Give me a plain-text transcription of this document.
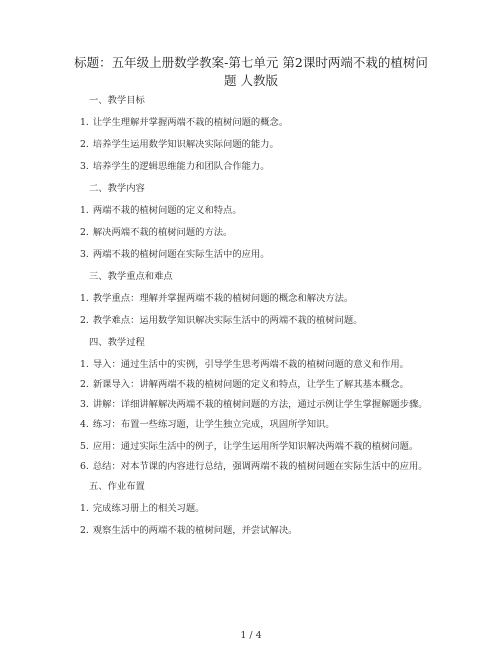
标题：五年级上册数学教案-第七单元 第2课时两端不栽的植树问题 人教版
一、教学目标
1. 让学生理解并掌握两端不栽的植树问题的概念。
2. 培养学生运用数学知识解决实际问题的能力。
3. 培养学生的逻辑思维能力和团队合作能力。
二、教学内容
1. 两端不栽的植树问题的定义和特点。
2. 解决两端不栽的植树问题的方法。
3. 两端不栽的植树问题在实际生活中的应用。
三、教学重点和难点
1. 教学重点：理解并掌握两端不栽的植树问题的概念和解决方法。
2. 教学难点：运用数学知识解决实际生活中的两端不栽的植树问题。
四、教学过程
1. 导入：通过生活中的实例，引导学生思考两端不栽的植树问题的意义和作用。
2. 新课导入：讲解两端不栽的植树问题的定义和特点，让学生了解其基本概念。
3. 讲解：详细讲解解决两端不栽的植树问题的方法，通过示例让学生掌握解题步骤。
4. 练习：布置一些练习题，让学生独立完成，巩固所学知识。
5. 应用：通过实际生活中的例子，让学生运用所学知识解决两端不栽的植树问题。
6. 总结：对本节课的内容进行总结，强调两端不栽的植树问题在实际生活中的应用。
五、作业布置
1. 完成练习册上的相关习题。
2. 观察生活中的两端不栽的植树问题，并尝试解决。
1 / 4
